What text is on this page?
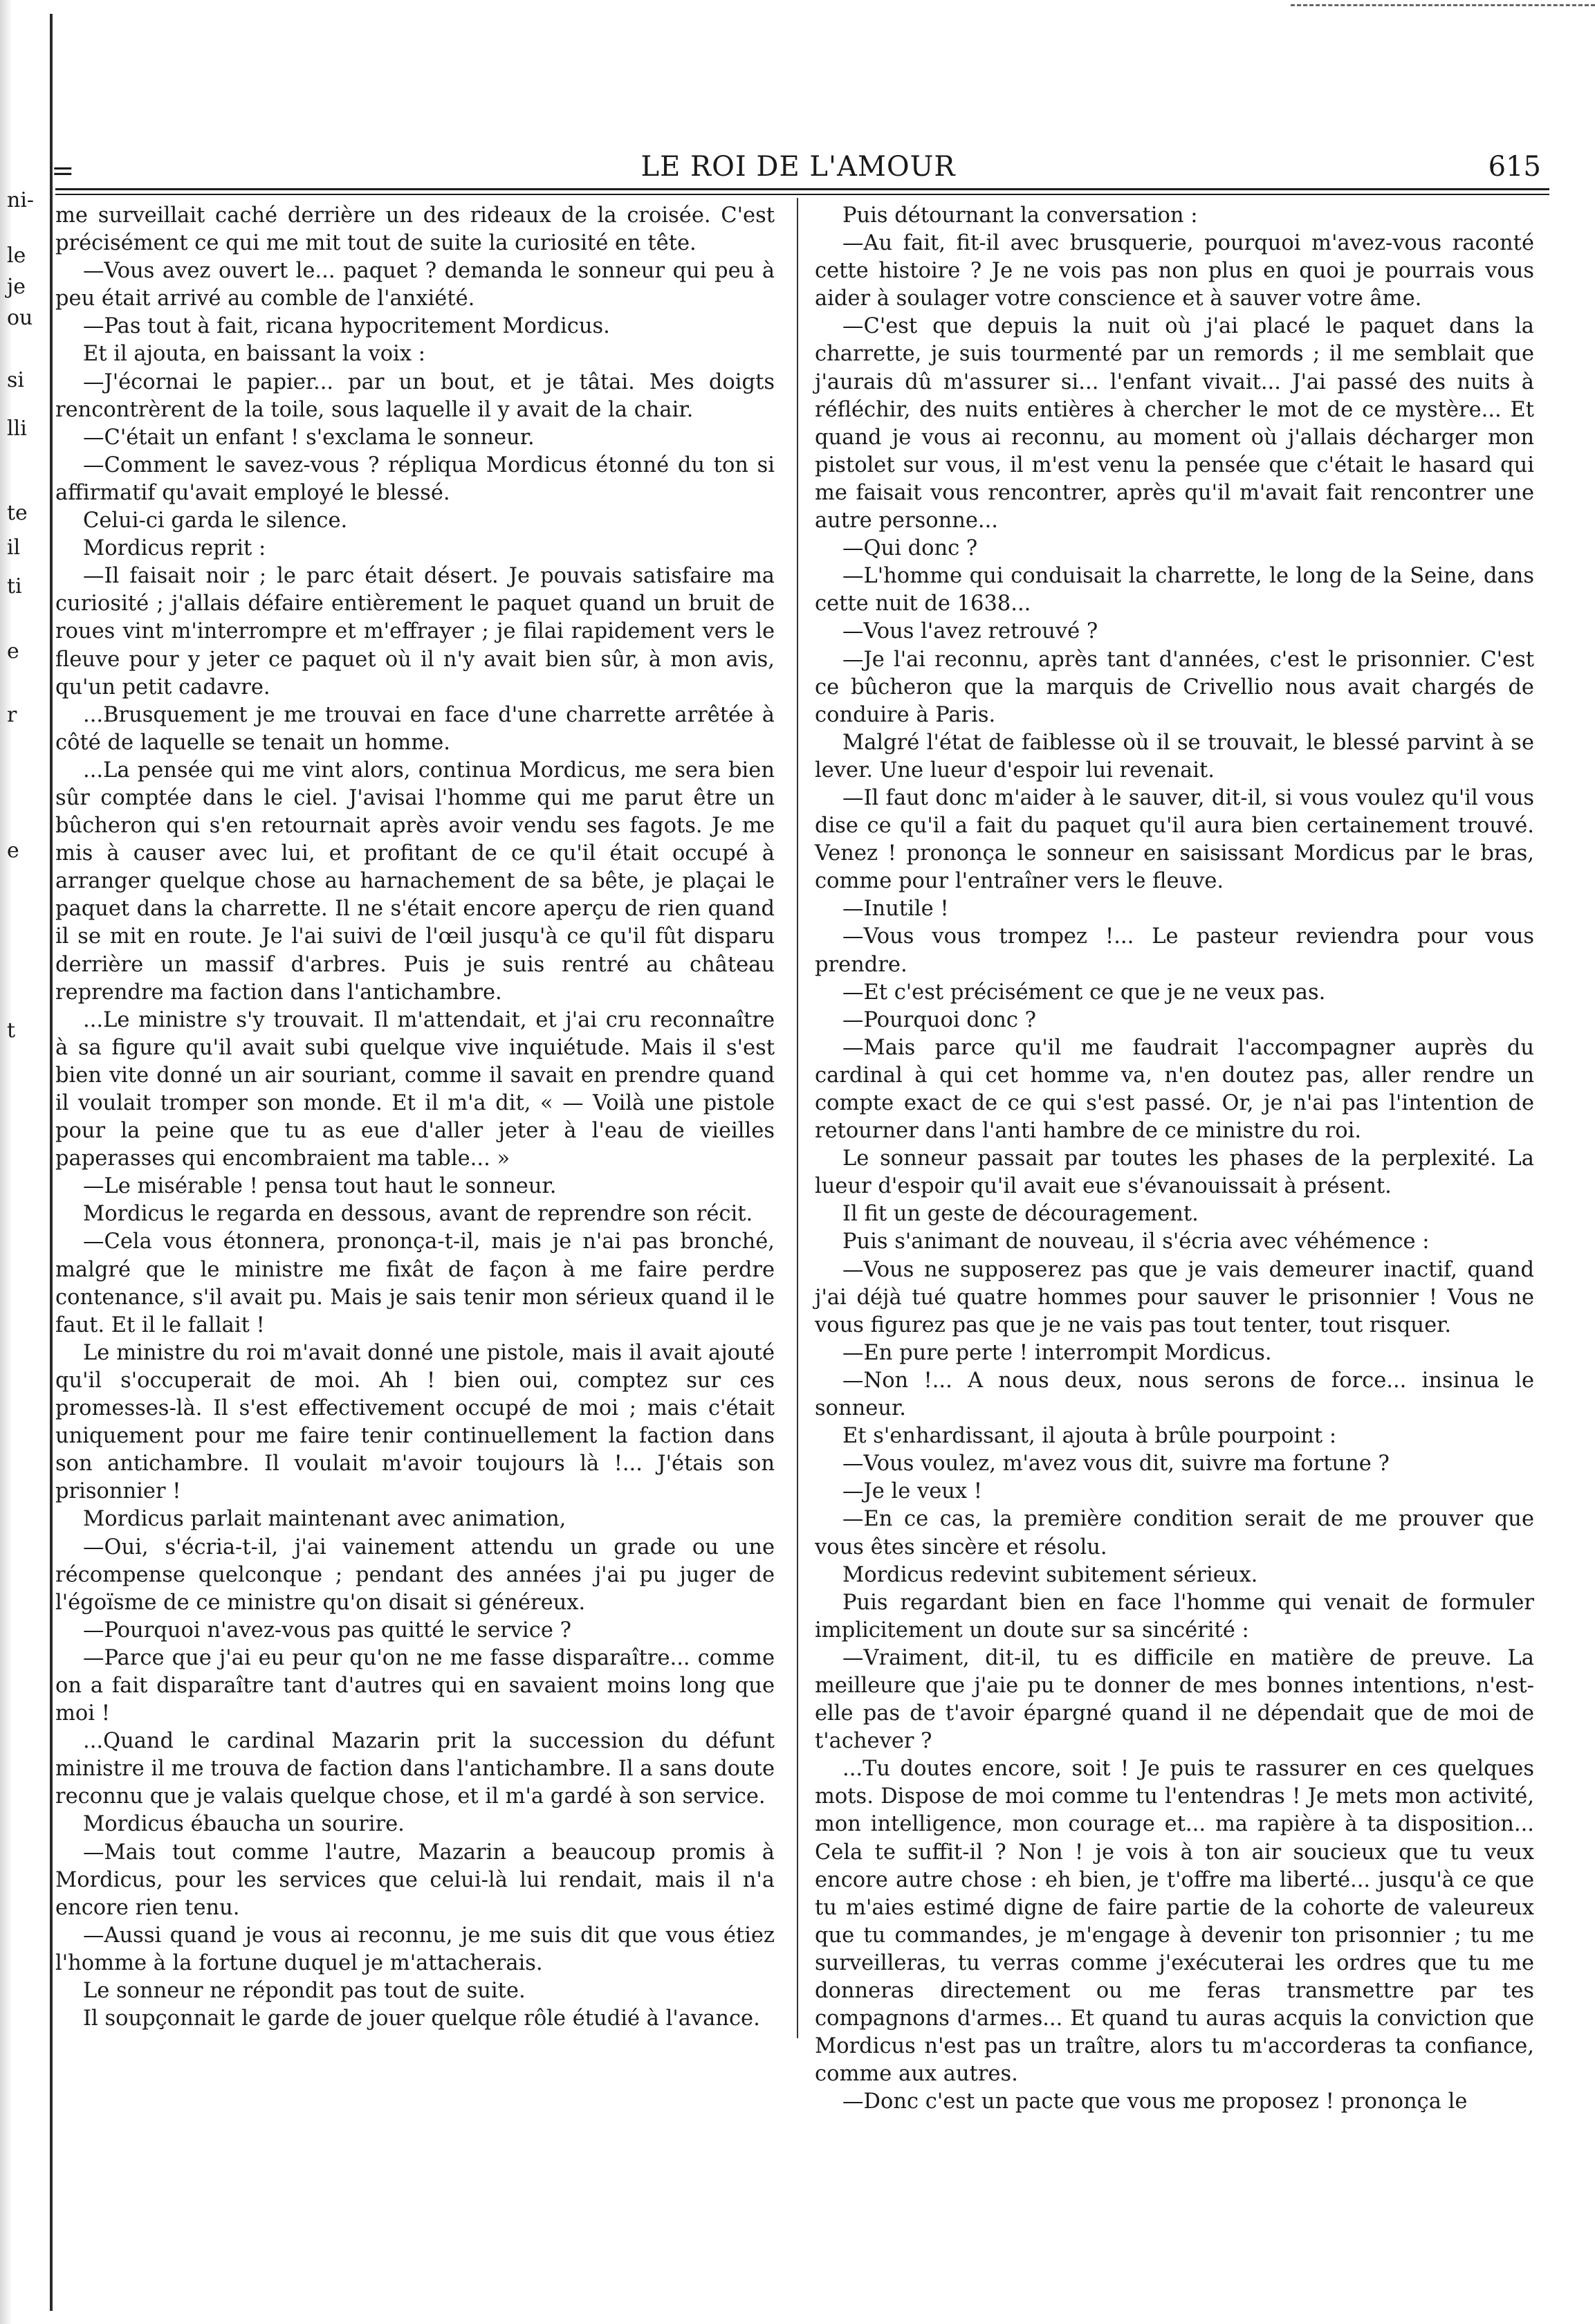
ni-
le
je
ou
si
lli
te
il
ti
e
r
e
t
=	LE ROI DE L'AMOUR	615

me surveillait caché derrière un des rideaux de la croisée. C'est précisément ce qui me mit tout de suite la curiosité en tête.

—Vous avez ouvert le... paquet ? demanda le sonneur qui peu à peu était arrivé au comble de l'anxiété.

—Pas tout à fait, ricana hypocritement Mordicus.

Et il ajouta, en baissant la voix :

—J'écornai le papier... par un bout, et je tâtai. Mes doigts rencontrèrent de la toile, sous laquelle il y avait de la chair.

—C'était un enfant ! s'exclama le sonneur.

—Comment le savez-vous ? répliqua Mordicus étonné du ton si affirmatif qu'avait employé le blessé.

Celui-ci garda le silence.

Mordicus reprit :

—Il faisait noir ; le parc était désert. Je pouvais satisfaire ma curiosité ; j'allais défaire entièrement le paquet quand un bruit de roues vint m'interrompre et m'effrayer ; je filai rapidement vers le fleuve pour y jeter ce paquet où il n'y avait bien sûr, à mon avis, qu'un petit cadavre.

...Brusquement je me trouvai en face d'une charrette arrêtée à côté de laquelle se tenait un homme.

...La pensée qui me vint alors, continua Mordicus, me sera bien sûr comptée dans le ciel. J'avisai l'homme qui me parut être un bûcheron qui s'en retournait après avoir vendu ses fagots. Je me mis à causer avec lui, et profitant de ce qu'il était occupé à arranger quelque chose au harnachement de sa bête, je plaçai le paquet dans la charrette. Il ne s'était encore aperçu de rien quand il se mit en route. Je l'ai suivi de l'œil jusqu'à ce qu'il fût disparu derrière un massif d'arbres. Puis je suis rentré au château reprendre ma faction dans l'antichambre.

...Le ministre s'y trouvait. Il m'attendait, et j'ai cru reconnaître à sa figure qu'il avait subi quelque vive inquiétude. Mais il s'est bien vite donné un air souriant, comme il savait en prendre quand il voulait tromper son monde. Et il m'a dit, « — Voilà une pistole pour la peine que tu as eue d'aller jeter à l'eau de vieilles paperasses qui encombraient ma table... »

—Le misérable ! pensa tout haut le sonneur.

Mordicus le regarda en dessous, avant de reprendre son récit.

—Cela vous étonnera, prononça-t-il, mais je n'ai pas bronché, malgré que le ministre me fixât de façon à me faire perdre contenance, s'il avait pu. Mais je sais tenir mon sérieux quand il le faut. Et il le fallait !

Le ministre du roi m'avait donné une pistole, mais il avait ajouté qu'il s'occuperait de moi. Ah ! bien oui, comptez sur ces promesses-là. Il s'est effectivement occupé de moi ; mais c'était uniquement pour me faire tenir continuellement la faction dans son antichambre. Il voulait m'avoir toujours là !... J'étais son prisonnier !

Mordicus parlait maintenant avec animation,

—Oui, s'écria-t-il, j'ai vainement attendu un grade ou une récompense quelconque ; pendant des années j'ai pu juger de l'égoïsme de ce ministre qu'on disait si généreux.

—Pourquoi n'avez-vous pas quitté le service ?

—Parce que j'ai eu peur qu'on ne me fasse disparaître... comme on a fait disparaître tant d'autres qui en savaient moins long que moi !

...Quand le cardinal Mazarin prit la succession du défunt ministre il me trouva de faction dans l'antichambre. Il a sans doute reconnu que je valais quelque chose, et il m'a gardé à son service.

Mordicus ébaucha un sourire.

—Mais tout comme l'autre, Mazarin a beaucoup promis à Mordicus, pour les services que celui-là lui rendait, mais il n'a encore rien tenu.

—Aussi quand je vous ai reconnu, je me suis dit que vous étiez l'homme à la fortune duquel je m'attacherais.

Le sonneur ne répondit pas tout de suite.

Il soupçonnait le garde de jouer quelque rôle étudié à l'avance.

Puis détournant la conversation :

—Au fait, fit-il avec brusquerie, pourquoi m'avez-vous raconté cette histoire ? Je ne vois pas non plus en quoi je pourrais vous aider à soulager votre conscience et à sauver votre âme.

—C'est que depuis la nuit où j'ai placé le paquet dans la charrette, je suis tourmenté par un remords ; il me semblait que j'aurais dû m'assurer si... l'enfant vivait... J'ai passé des nuits à réfléchir, des nuits entières à chercher le mot de ce mystère... Et quand je vous ai reconnu, au moment où j'allais décharger mon pistolet sur vous, il m'est venu la pensée que c'était le hasard qui me faisait vous rencontrer, après qu'il m'avait fait rencontrer une autre personne...

—Qui donc ?

—L'homme qui conduisait la charrette, le long de la Seine, dans cette nuit de 1638...

—Vous l'avez retrouvé ?

—Je l'ai reconnu, après tant d'années, c'est le prisonnier. C'est ce bûcheron que la marquis de Crivellio nous avait chargés de conduire à Paris.

Malgré l'état de faiblesse où il se trouvait, le blessé parvint à se lever. Une lueur d'espoir lui revenait.

—Il faut donc m'aider à le sauver, dit-il, si vous voulez qu'il vous dise ce qu'il a fait du paquet qu'il aura bien certainement trouvé. Venez ! prononça le sonneur en saisissant Mordicus par le bras, comme pour l'entraîner vers le fleuve.

—Inutile !

—Vous vous trompez !... Le pasteur reviendra pour vous prendre.

—Et c'est précisément ce que je ne veux pas.

—Pourquoi donc ?

—Mais parce qu'il me faudrait l'accompagner auprès du cardinal à qui cet homme va, n'en doutez pas, aller rendre un compte exact de ce qui s'est passé. Or, je n'ai pas l'intention de retourner dans l'anti hambre de ce ministre du roi.

Le sonneur passait par toutes les phases de la perplexité. La lueur d'espoir qu'il avait eue s'évanouissait à présent.

Il fit un geste de découragement.

Puis s'animant de nouveau, il s'écria avec véhémence :

—Vous ne supposerez pas que je vais demeurer inactif, quand j'ai déjà tué quatre hommes pour sauver le prisonnier ! Vous ne vous figurez pas que je ne vais pas tout tenter, tout risquer.

—En pure perte ! interrompit Mordicus.

—Non !... A nous deux, nous serons de force... insinua le sonneur.

Et s'enhardissant, il ajouta à brûle pourpoint :

—Vous voulez, m'avez vous dit, suivre ma fortune ?

—Je le veux !

—En ce cas, la première condition serait de me prouver que vous êtes sincère et résolu.

Mordicus redevint subitement sérieux.

Puis regardant bien en face l'homme qui venait de formuler implicitement un doute sur sa sincérité :

—Vraiment, dit-il, tu es difficile en matière de preuve. La meilleure que j'aie pu te donner de mes bonnes intentions, n'est-elle pas de t'avoir épargné quand il ne dépendait que de moi de t'achever ?

...Tu doutes encore, soit ! Je puis te rassurer en ces quelques mots. Dispose de moi comme tu l'entendras ! Je mets mon activité, mon intelligence, mon courage et... ma rapière à ta disposition... Cela te suffit-il ? Non ! je vois à ton air soucieux que tu veux encore autre chose : eh bien, je t'offre ma liberté... jusqu'à ce que tu m'aies estimé digne de faire partie de la cohorte de valeureux que tu commandes, je m'engage à devenir ton prisonnier ; tu me surveilleras, tu verras comme j'exécuterai les ordres que tu me donneras directement ou me feras transmettre par tes compagnons d'armes... Et quand tu auras acquis la conviction que Mordicus n'est pas un traître, alors tu m'accorderas ta confiance, comme aux autres.

—Donc c'est un pacte que vous me proposez ! prononça le
